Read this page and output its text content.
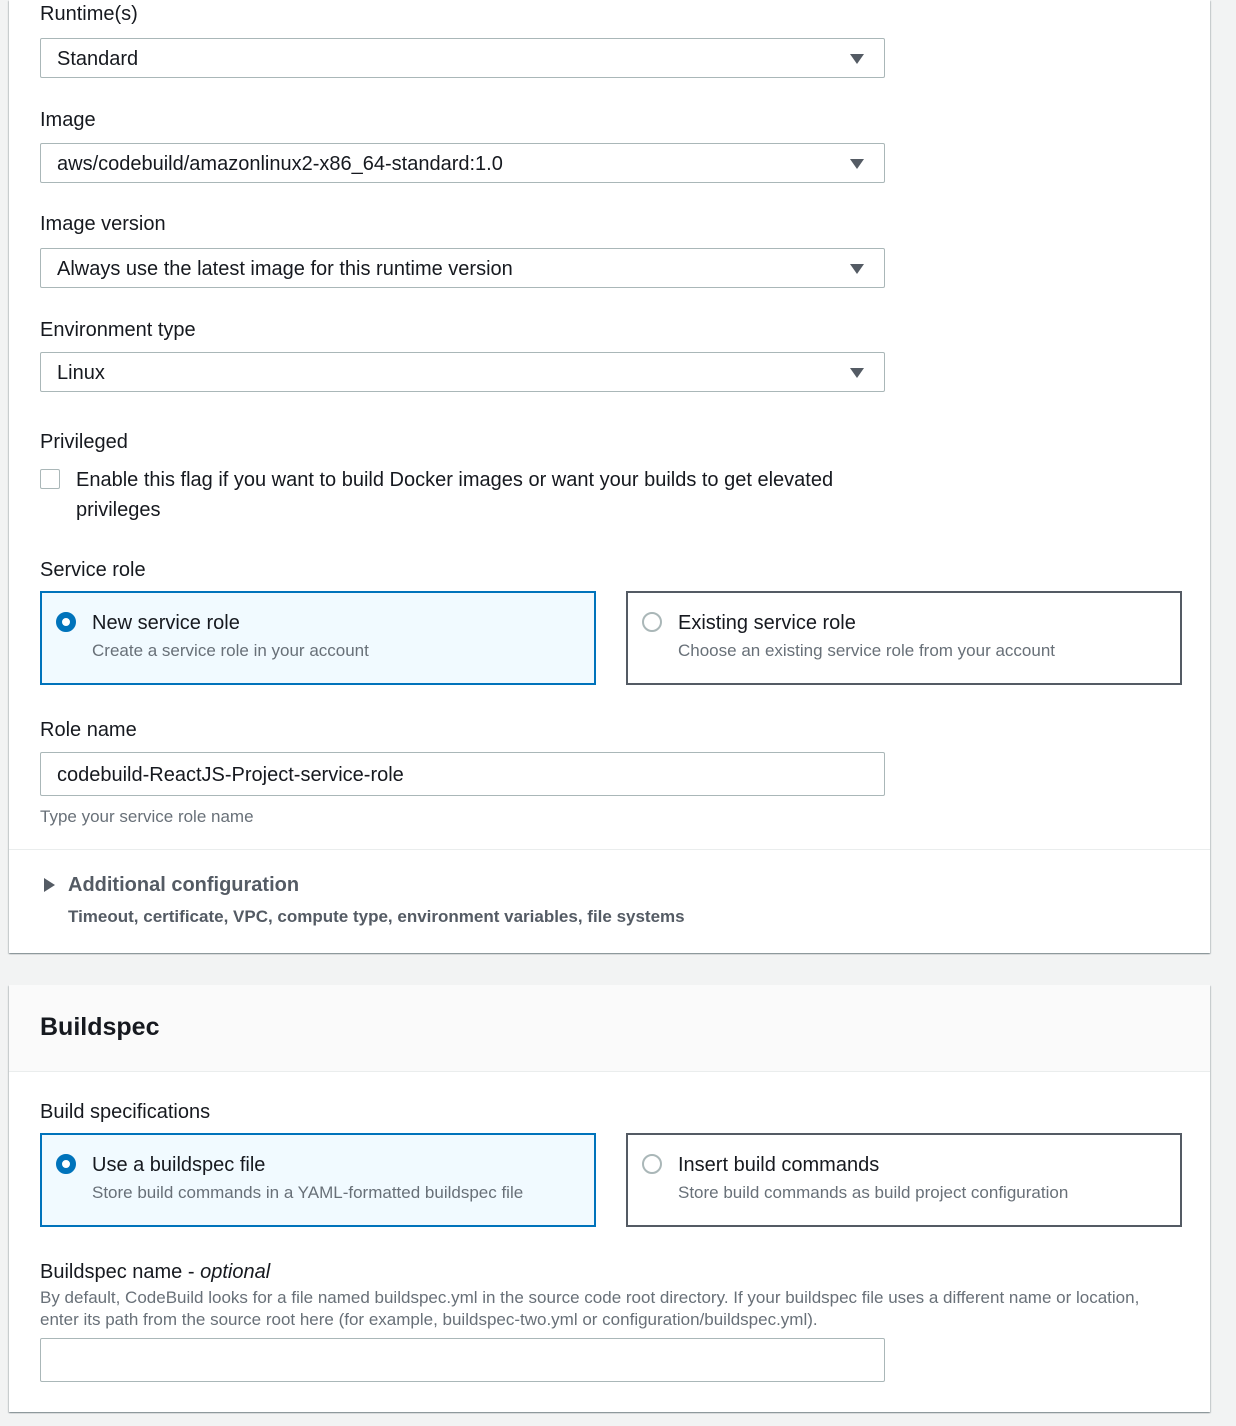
Runtime(s)
Standard
Image
aws/codebuild/amazonlinux2-x86_64-standard:1.0
Image version
Always use the latest image for this runtime version
Environment type
Linux
Privileged
Enable this flag if you want to build Docker images or want your builds to get elevated privileges
Service role
New service role
Create a service role in your account
Existing service role
Choose an existing service role from your account
Role name
codebuild-ReactJS-Project-service-role
Type your service role name
Additional configuration
Timeout, certificate, VPC, compute type, environment variables, file systems
Buildspec
Build specifications
Use a buildspec file
Store build commands in a YAML-formatted buildspec file
Insert build commands
Store build commands as build project configuration
Buildspec name - optional
By default, CodeBuild looks for a file named buildspec.yml in the source code root directory. If your buildspec file uses a different name or location, enter its path from the source root here (for example, buildspec-two.yml or configuration/buildspec.yml).
